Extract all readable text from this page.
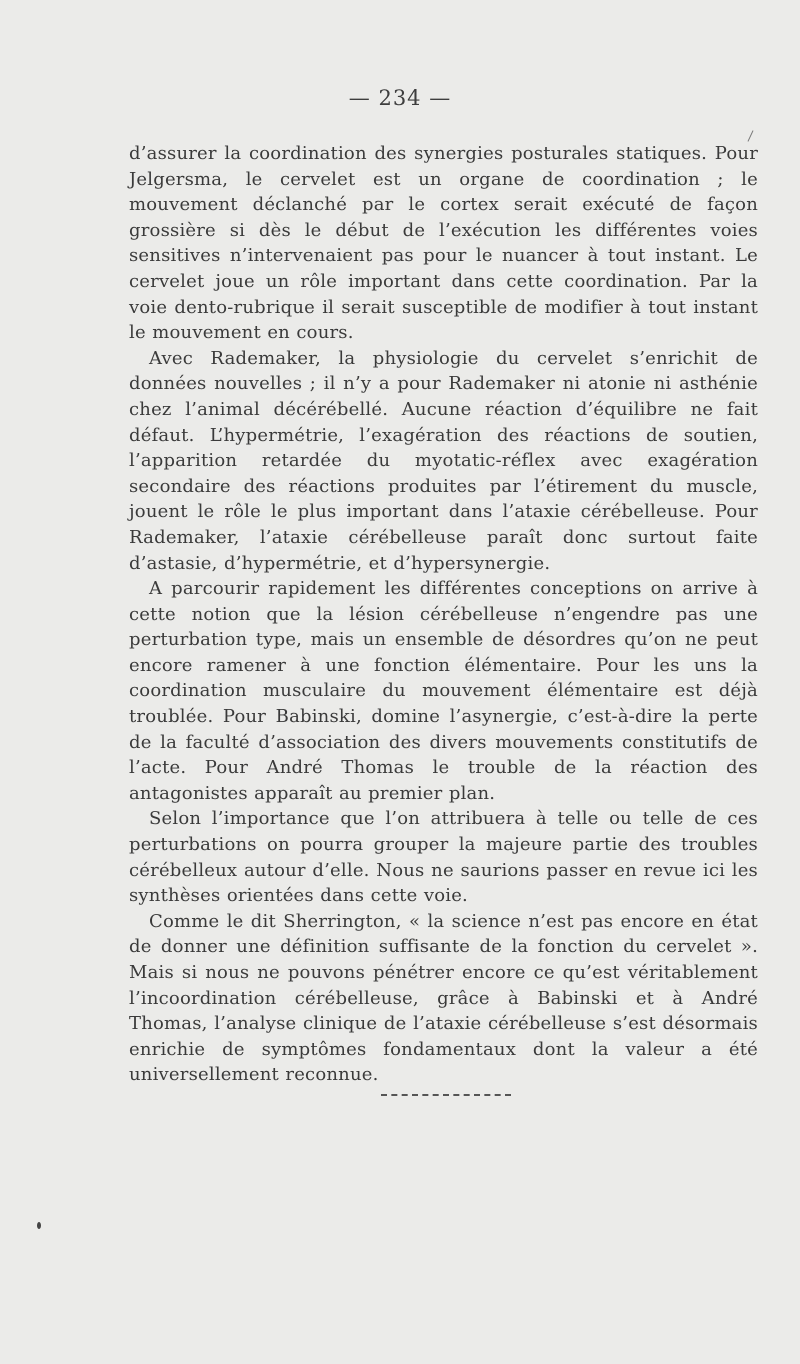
— 234 —

d’assurer la coordination des synergies posturales statiques. Pour Jelgersma, le cervelet est un organe de coordination ; le mouvement déclanché par le cortex serait exécuté de façon grossière si dès le début de l’exécution les différentes voies sensitives n’intervenaient pas pour le nuancer à tout instant. Le cervelet joue un rôle important dans cette coordination. Par la voie dento-rubrique il serait susceptible de modifier à tout instant le mouvement en cours.

Avec Rademaker, la physiologie du cervelet s’enrichit de données nouvelles ; il n’y a pour Rademaker ni atonie ni asthénie chez l’animal décérébellé. Aucune réaction d’équilibre ne fait défaut. L’hypermétrie, l’exagération des réactions de soutien, l’apparition retardée du myotatic-réflex avec exagération secondaire des réactions produites par l’étirement du muscle, jouent le rôle le plus important dans l’ataxie cérébelleuse. Pour Rademaker, l’ataxie cérébelleuse paraît donc surtout faite d’astasie, d’hypermétrie, et d’hypersynergie.

A parcourir rapidement les différentes conceptions on arrive à cette notion que la lésion cérébelleuse n’engendre pas une perturbation type, mais un ensemble de désordres qu’on ne peut encore ramener à une fonction élémentaire. Pour les uns la coordination musculaire du mouvement élémentaire est déjà troublée. Pour Babinski, domine l’asynergie, c’est-à-dire la perte de la faculté d’association des divers mouvements constitutifs de l’acte. Pour André Thomas le trouble de la réaction des antagonistes apparaît au premier plan.

Selon l’importance que l’on attribuera à telle ou telle de ces perturbations on pourra grouper la majeure partie des troubles cérébelleux autour d’elle. Nous ne saurions passer en revue ici les synthèses orientées dans cette voie.

Comme le dit Sherrington, « la science n’est pas encore en état de donner une définition suffisante de la fonction du cervelet ». Mais si nous ne pouvons pénétrer encore ce qu’est véritablement l’incoordination cérébelleuse, grâce à Babinski et à André Thomas, l’analyse clinique de l’ataxie cérébelleuse s’est désormais enrichie de symptômes fondamentaux dont la valeur a été universellement reconnue.
